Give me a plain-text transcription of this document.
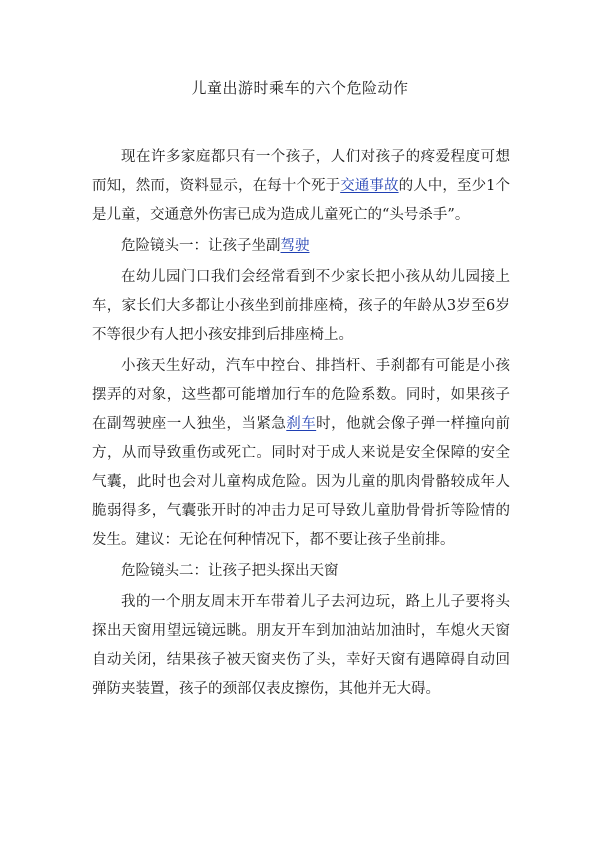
儿童出游时乘车的六个危险动作

现在许多家庭都只有一个孩子，人们对孩子的疼爱程度可想而知，然而，资料显示，在每十个死于交通事故的人中，至少1个是儿童，交通意外伤害已成为造成儿童死亡的“头号杀手”。

危险镜头一：让孩子坐副驾驶

在幼儿园门口我们会经常看到不少家长把小孩从幼儿园接上车，家长们大多都让小孩坐到前排座椅，孩子的年龄从3岁至6岁不等很少有人把小孩安排到后排座椅上。

小孩天生好动，汽车中控台、排挡杆、手刹都有可能是小孩摆弄的对象，这些都可能增加行车的危险系数。同时，如果孩子在副驾驶座一人独坐，当紧急刹车时，他就会像子弹一样撞向前方，从而导致重伤或死亡。同时对于成人来说是安全保障的安全气囊，此时也会对儿童构成危险。因为儿童的肌肉骨骼较成年人脆弱得多，气囊张开时的冲击力足可导致儿童肋骨骨折等险情的发生。建议：无论在何种情况下，都不要让孩子坐前排。

危险镜头二：让孩子把头探出天窗

我的一个朋友周末开车带着儿子去河边玩，路上儿子要将头探出天窗用望远镜远眺。朋友开车到加油站加油时，车熄火天窗自动关闭，结果孩子被天窗夹伤了头，幸好天窗有遇障碍自动回弹防夹装置，孩子的颈部仅表皮擦伤，其他并无大碍。
